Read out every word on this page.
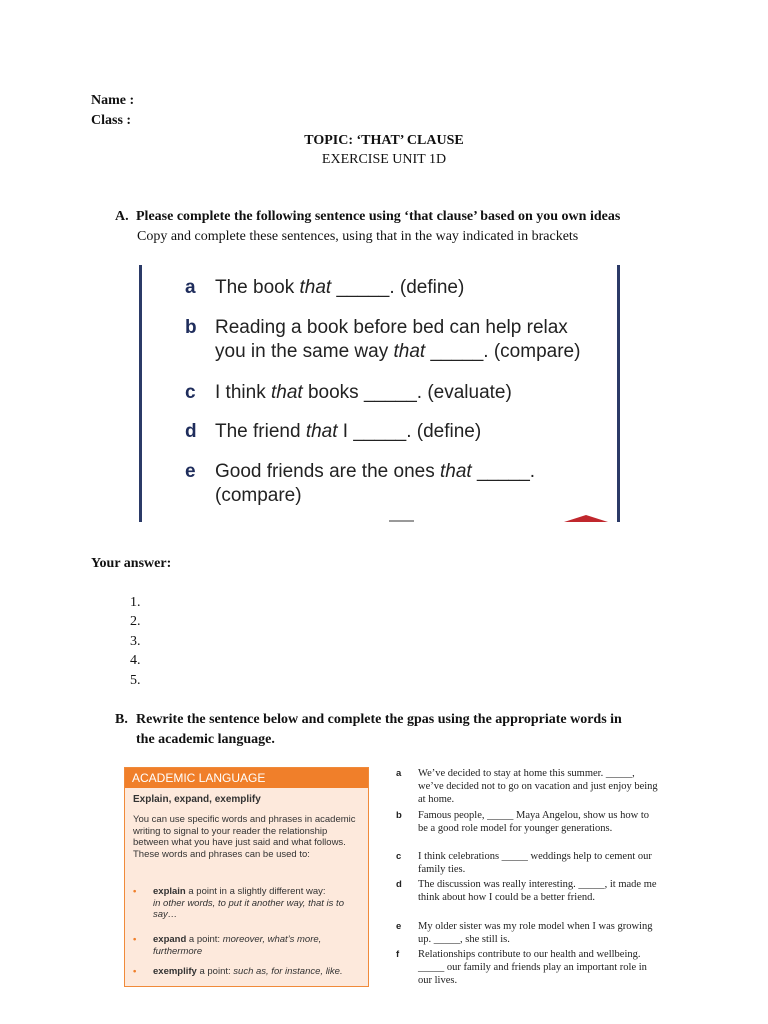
Name :
Class :
TOPIC: ‘THAT’ CLAUSE
EXERCISE UNIT 1D
A. Please complete the following sentence using ‘that clause’ based on you own ideas
Copy and complete these sentences, using that in the way indicated in brackets
a The book that _____. (define)
b Reading a book before bed can help relax
you in the same way that _____. (compare)
c I think that books _____. (evaluate)
d The friend that I _____. (define)
e Good friends are the ones that _____.
(compare)
Your answer:
1.
2.
3.
4.
5.
B. Rewrite the sentence below and complete the gpas using the appropriate words in
the academic language.
ACADEMIC LANGUAGE
Explain, expand, exemplify
You can use specific words and phrases in academic writing to signal to your reader the relationship between what you have just said and what follows. These words and phrases can be used to:
• explain a point in a slightly different way:
in other words, to put it another way, that is to say…
• expand a point: moreover, what’s more, furthermore
• exemplify a point: such as, for instance, like.
a We’ve decided to stay at home this summer. _____, we’ve decided not to go on vacation and just enjoy being at home.
b Famous people, _____ Maya Angelou, show us how to be a good role model for younger generations.
c I think celebrations _____ weddings help to cement our family ties.
d The discussion was really interesting. _____, it made me think about how I could be a better friend.
e My older sister was my role model when I was growing up. _____, she still is.
f Relationships contribute to our health and wellbeing. _____ our family and friends play an important role in our lives.
